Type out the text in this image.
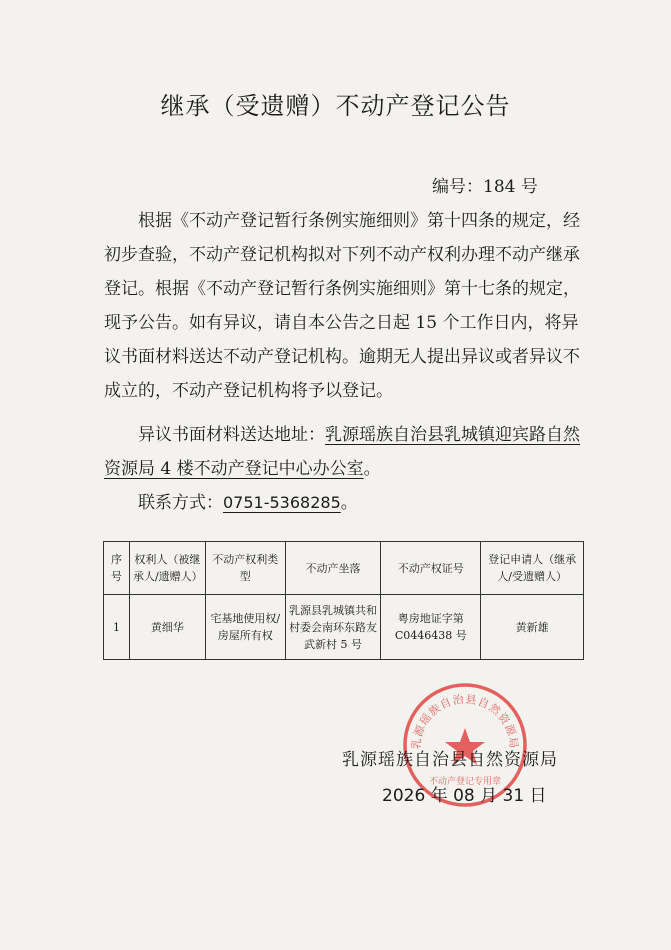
继承（受遗赠）不动产登记公告
编号：184 号

根据《不动产登记暂行条例实施细则》第十四条的规定，经初步查验，不动产登记机构拟对下列不动产权利办理不动产继承登记。根据《不动产登记暂行条例实施细则》第十七条的规定，现予公告。如有异议，请自本公告之日起 15 个工作日内，将异议书面材料送达不动产登记机构。逾期无人提出异议或者异议不成立的，不动产登记机构将予以登记。

异议书面材料送达地址：乳源瑶族自治县乳城镇迎宾路自然资源局 4 楼不动产登记中心办公室。

联系方式：0751-5368285。

序号	权利人（被继承人/遗赠人）	不动产权利类型	不动产坐落	不动产权证号	登记申请人（继承人/受遗赠人）
1	黄细华	宅基地使用权/房屋所有权	乳源县乳城镇共和村委会南环东路友武新村 5 号	粤房地证字第 C0446438 号	黄新雄
乳源瑶族自治县自然资源局
不动产登记专用章
乳源瑶族自治县自然资源局
2026 年 08 月 31 日
